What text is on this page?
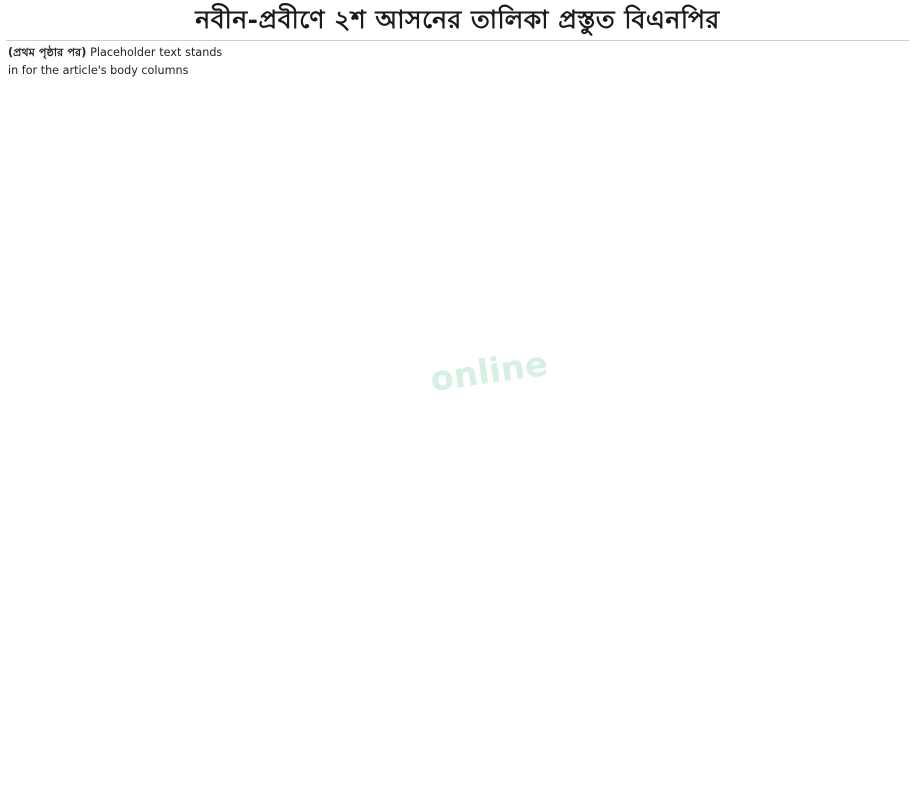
নবীন-প্রবীণে ২শ আসনের তালিকা প্রস্তুত বিএনপির

(প্রথম পৃষ্ঠার পর) Placeholder text stands in for the article's body columns

online
